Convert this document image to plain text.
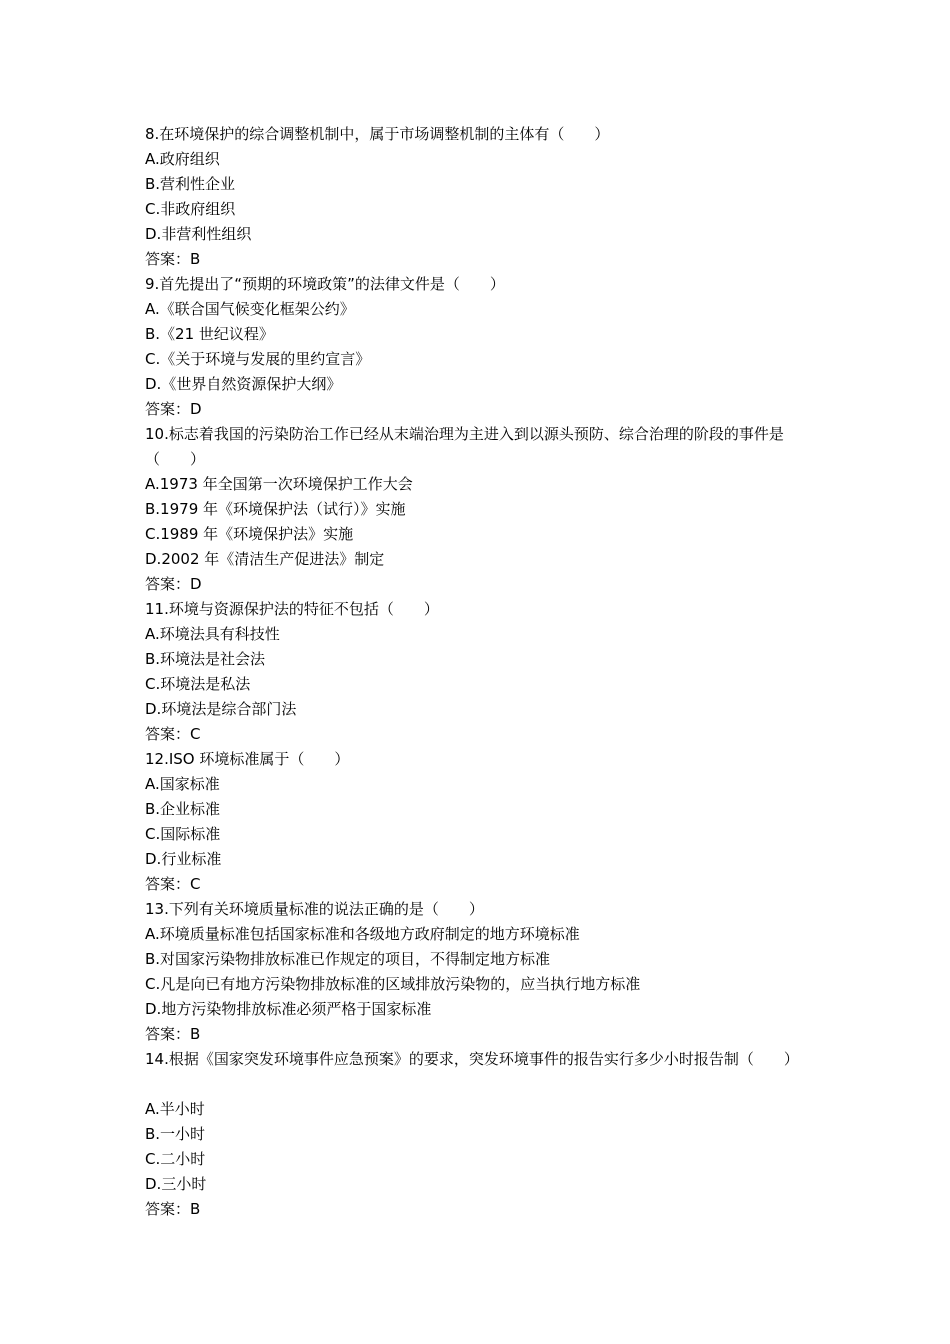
8.在环境保护的综合调整机制中，属于市场调整机制的主体有（　　）
A.政府组织
B.营利性企业
C.非政府组织
D.非营利性组织
答案：B
9.首先提出了“预期的环境政策”的法律文件是（　　）
A.《联合国气候变化框架公约》
B.《21 世纪议程》
C.《关于环境与发展的里约宣言》
D.《世界自然资源保护大纲》
答案：D
10.标志着我国的污染防治工作已经从末端治理为主进入到以源头预防、综合治理的阶段的事件是（　　）
A.1973 年全国第一次环境保护工作大会
B.1979 年《环境保护法（试行）》实施
C.1989 年《环境保护法》实施
D.2002 年《清洁生产促进法》制定
答案：D
11.环境与资源保护法的特征不包括（　　）
A.环境法具有科技性
B.环境法是社会法
C.环境法是私法
D.环境法是综合部门法
答案：C
12.ISO 环境标准属于（　　）
A.国家标准
B.企业标准
C.国际标准
D.行业标准
答案：C
13.下列有关环境质量标准的说法正确的是（　　）
A.环境质量标准包括国家标准和各级地方政府制定的地方环境标准
B.对国家污染物排放标准已作规定的项目，不得制定地方标准
C.凡是向已有地方污染物排放标准的区域排放污染物的，应当执行地方标准
D.地方污染物排放标准必须严格于国家标准
答案：B
14.根据《国家突发环境事件应急预案》的要求，突发环境事件的报告实行多少小时报告制（　　）
A.半小时
B.一小时
C.二小时
D.三小时
答案：B
